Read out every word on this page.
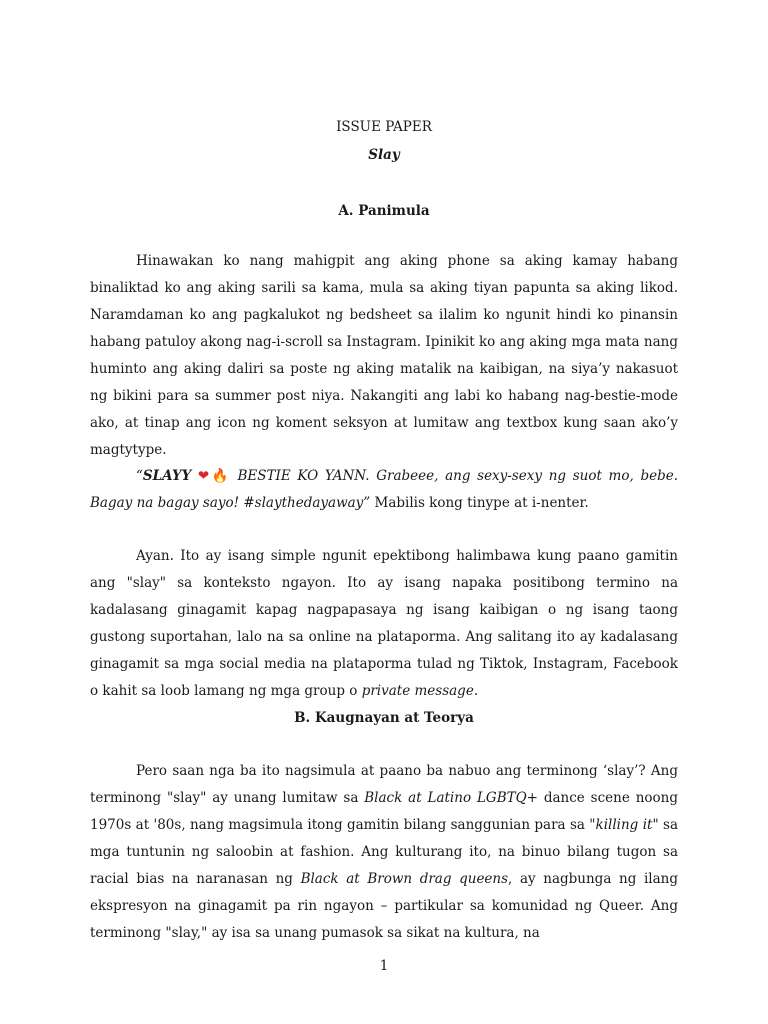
ISSUE PAPER
Slay
A. Panimula

Hinawakan ko nang mahigpit ang aking phone sa aking kamay habang binaliktad ko ang aking sarili sa kama, mula sa aking tiyan papunta sa aking likod. Naramdaman ko ang pagkalukot ng bedsheet sa ilalim ko ngunit hindi ko pinansin habang patuloy akong nag-i-scroll sa Instagram. Ipinikit ko ang aking mga mata nang huminto ang aking daliri sa poste ng aking matalik na kaibigan, na siya’y nakasuot ng bikini para sa summer post niya. Nakangiti ang labi ko habang nag-bestie-mode ako, at tinap ang icon ng koment seksyon at lumitaw ang textbox kung saan ako’y magtytype.

“SLAYY ❤🔥 BESTIE KO YANN. Grabeee, ang sexy-sexy ng suot mo, bebe. Bagay na bagay sayo! #slaythedayaway” Mabilis kong tinype at i-nenter.

Ayan. Ito ay isang simple ngunit epektibong halimbawa kung paano gamitin ang "slay" sa konteksto ngayon. Ito ay isang napaka positibong termino na kadalasang ginagamit kapag nagpapasaya ng isang kaibigan o ng isang taong gustong suportahan, lalo na sa online na plataporma. Ang salitang ito ay kadalasang ginagamit sa mga social media na plataporma tulad ng Tiktok, Instagram, Facebook o kahit sa loob lamang ng mga group o private message.

B. Kaugnayan at Teorya

Pero saan nga ba ito nagsimula at paano ba nabuo ang terminong ‘slay’? Ang terminong "slay" ay unang lumitaw sa Black at Latino LGBTQ+ dance scene noong 1970s at '80s, nang magsimula itong gamitin bilang sanggunian para sa "killing it" sa mga tuntunin ng saloobin at fashion. Ang kulturang ito, na binuo bilang tugon sa racial bias na naranasan ng Black at Brown drag queens, ay nagbunga ng ilang ekspresyon na ginagamit pa rin ngayon – partikular sa komunidad ng Queer. Ang terminong "slay," ay isa sa unang pumasok sa sikat na kultura, na

1
